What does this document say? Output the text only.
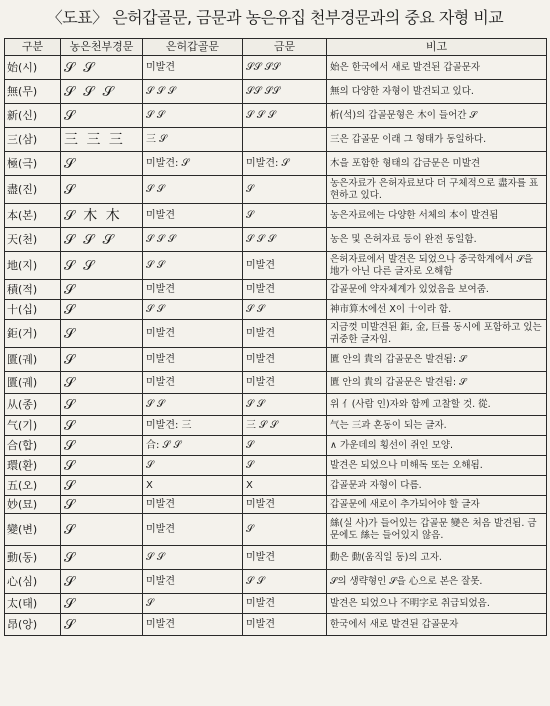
〈도표〉 은허갑골문, 금문과 농은유집 천부경문과의 중요 자형 비교
구분	농은천부경문	은허갑골문	금문	비고
始(시)	𝒮 𝒮	미발견	𝒮𝒮 𝒮𝒮	始은 한국에서 새로 발견된 갑골문자
無(무)	𝒮 𝒮 𝒮	𝒮 𝒮 𝒮	𝒮𝒮 𝒮𝒮	無의 다양한 자형이 발견되고 있다.
新(신)	𝒮	𝒮 𝒮	𝒮 𝒮 𝒮	析(석)의 갑골문형은 木이 들어간 𝒮
三(삼)	三 三 三	三 𝒮		三은 갑골문 이래 그 형태가 동일하다.
極(극)	𝒮	미발견: 𝒮	미발견: 𝒮	木을 포함한 형태의 갑금문은 미발견
盡(진)	𝒮	𝒮 𝒮	𝒮	농은자료가 은허자료보다 더 구체적으로 盡자를 표현하고 있다.
本(본)	𝒮 木 木	미발견	𝒮	농은자료에는 다양한 서체의 本이 발견됨
天(천)	𝒮 𝒮 𝒮	𝒮 𝒮 𝒮	𝒮 𝒮 𝒮	농은 및 은허자료 등이 완전 동일함.
地(지)	𝒮 𝒮	𝒮 𝒮	미발견	은허자료에서 발견은 되었으나 중국학계에서 𝒮을 地가 아닌 다른 글자로 오해함
積(적)	𝒮	미발견	미발견	갑골문에 약자체계가 있었음을 보여줌.
十(십)	𝒮	𝒮 𝒮	𝒮 𝒮	神市算木에선 X이 十이라 함.
鉅(거)	𝒮	미발견	미발견	지금껏 미발견된 鉅, 金, 巨를 동시에 포함하고 있는 귀중한 글자임.
匱(궤)	𝒮	미발견	미발견	匱 안의 貴의 갑골문은 발견됨: 𝒮
匱(궤)	𝒮	미발견	미발견	匱 안의 貴의 갑골문은 발견됨: 𝒮
从(종)	𝒮	𝒮 𝒮	𝒮 𝒮	위 亻(사람 인)자와 함께 고찰할 것. 從.
气(기)	𝒮	미발견: 三	三 𝒮 𝒮	气는 三과 혼동이 되는 글자.
合(합)	𝒮	合: 𝒮 𝒮	𝒮	∧ 가운데의 횡선이 쥐인 모양.
環(환)	𝒮	𝒮	𝒮	발견은 되었으나 미해독 또는 오해됨.
五(오)	𝒮	X	X	갑골문과 자형이 다름.
妙(묘)	𝒮	미발견	미발견	갑골문에 새로이 추가되어야 할 글자
變(변)	𝒮	미발견	𝒮	絲(실 사)가 들어있는 갑골문 變은 처음 발견됨. 금문에도 絲는 들어있지 않음.
動(동)	𝒮	𝒮 𝒮	미발견	動은 動(움직일 동)의 고자.
心(심)	𝒮	미발견	𝒮 𝒮	𝒮의 생략형인 𝒮을 心으로 본은 잘못.
太(태)	𝒮	𝒮	미발견	발견은 되었으나 不明字로 취급되었음.
昂(앙)	𝒮	미발견	미발견	한국에서 새로 발견된 갑골문자
